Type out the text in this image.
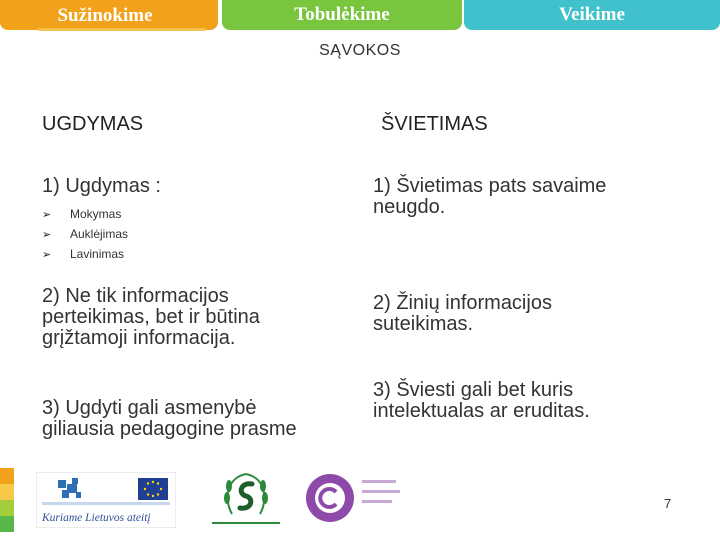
Sužinokime	Tobulėkime	Veikime
SĄVOKOS
UGDYMAS
1) Ugdymas :
➢	Mokymas
➢	Auklėjimas
➢	Lavinimas
2) Ne tik informacijos
perteikimas, bet ir būtina
grįžtamoji informacija.
3) Ugdyti gali asmenybė
giliausia pedagogine prasme
ŠVIETIMAS
1) Švietimas pats savaime
neugdo.
2) Žinių informacijos
suteikimas.
3) Šviesti gali bet kuris
intelektualas ar eruditas.
Kuriame Lietuvos ateitį
7
